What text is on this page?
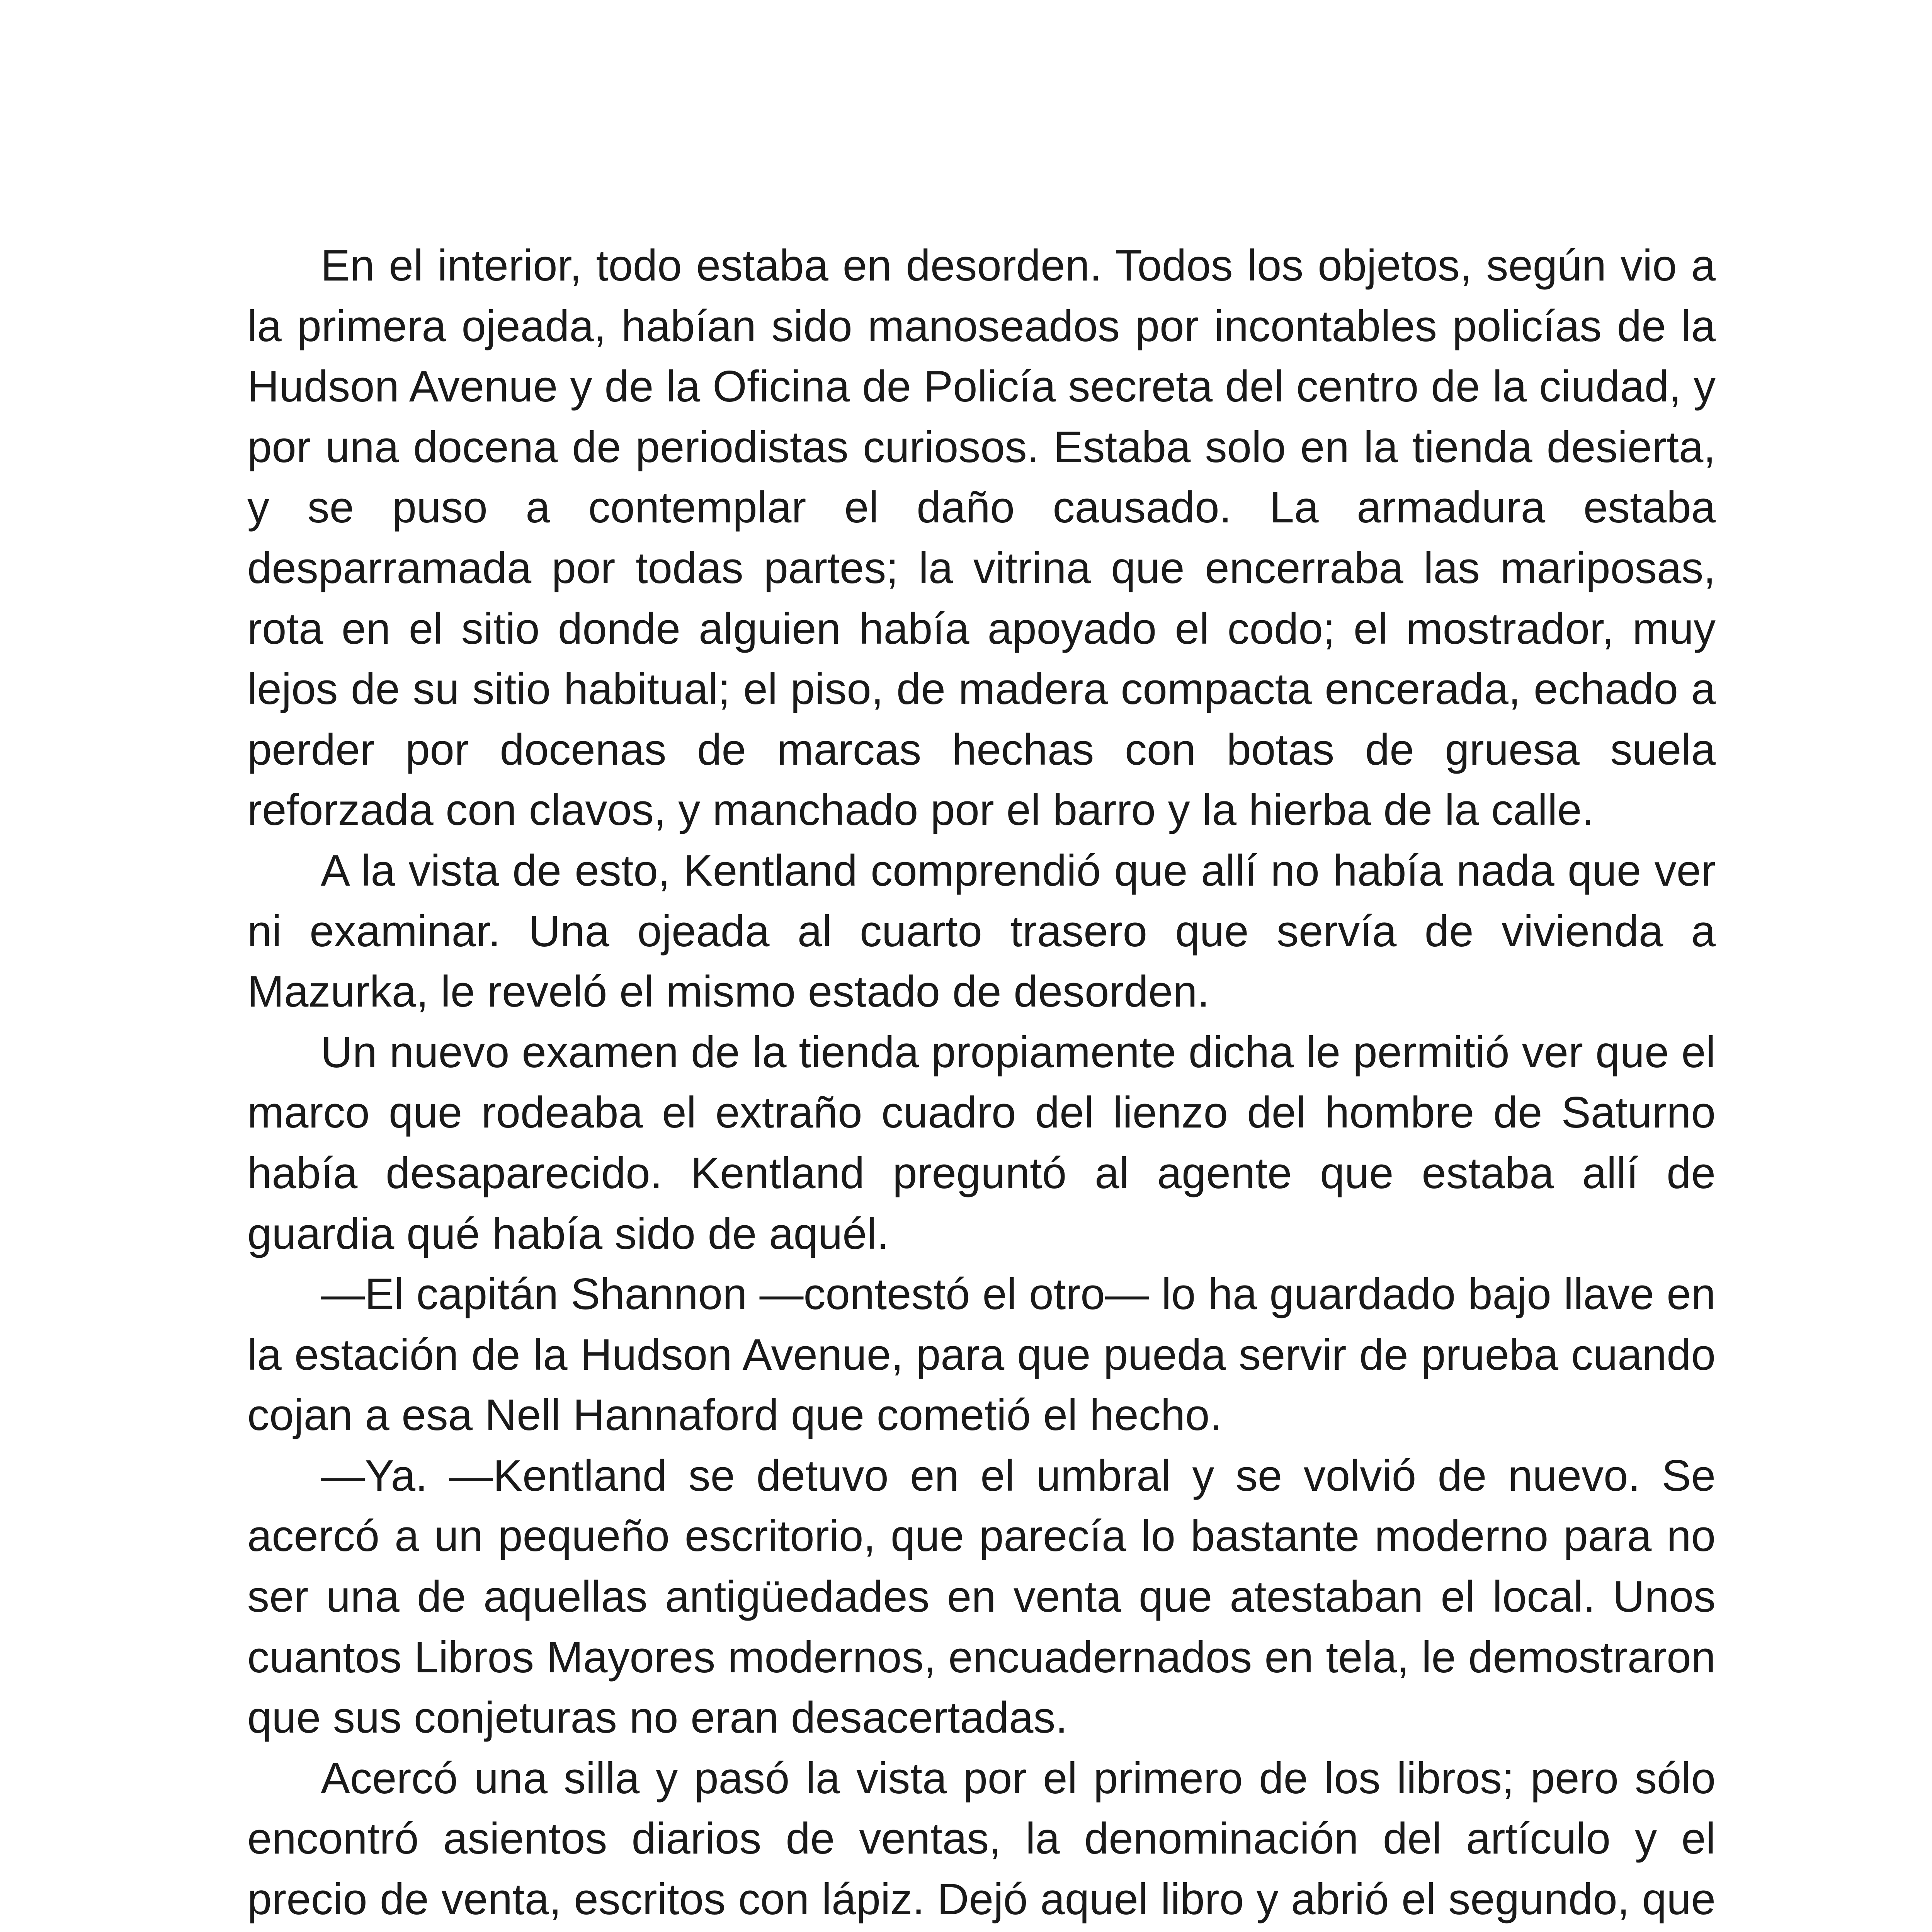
En el interior, todo estaba en desorden. Todos los objetos, según vio a la primera ojeada, habían sido manoseados por incontables policías de la Hudson Avenue y de la Oficina de Policía secreta del centro de la ciudad, y por una docena de periodistas curiosos. Estaba solo en la tienda desierta, y se puso a contemplar el daño causado. La armadura estaba desparramada por todas partes; la vitrina que encerraba las mariposas, rota en el sitio donde alguien había apoyado el codo; el mostrador, muy lejos de su sitio habitual; el piso, de madera compacta encerada, echado a perder por docenas de marcas hechas con botas de gruesa suela reforzada con clavos, y manchado por el barro y la hierba de la calle.

A la vista de esto, Kentland comprendió que allí no había nada que ver ni examinar. Una ojeada al cuarto trasero que servía de vivienda a Mazurka, le reveló el mismo estado de desorden.

Un nuevo examen de la tienda propiamente dicha le permitió ver que el marco que rodeaba el extraño cuadro del lienzo del hombre de Saturno había desaparecido. Kentland preguntó al agente que estaba allí de guardia qué había sido de aquél.

—El capitán Shannon —contestó el otro— lo ha guardado bajo llave en la estación de la Hudson Avenue, para que pueda servir de prueba cuando cojan a esa Nell Hannaford que cometió el hecho.

—Ya. —Kentland se detuvo en el umbral y se volvió de nuevo. Se acercó a un pequeño escritorio, que parecía lo bastante moderno para no ser una de aquellas antigüedades en venta que atestaban el local. Unos cuantos Libros Mayores modernos, encuadernados en tela, le demostraron que sus conjeturas no eran desacertadas.

Acercó una silla y pasó la vista por el primero de los libros; pero sólo encontró asientos diarios de ventas, la denominación del artículo y el precio de venta, escritos con lápiz. Dejó aquel libro y abrió el segundo, que
